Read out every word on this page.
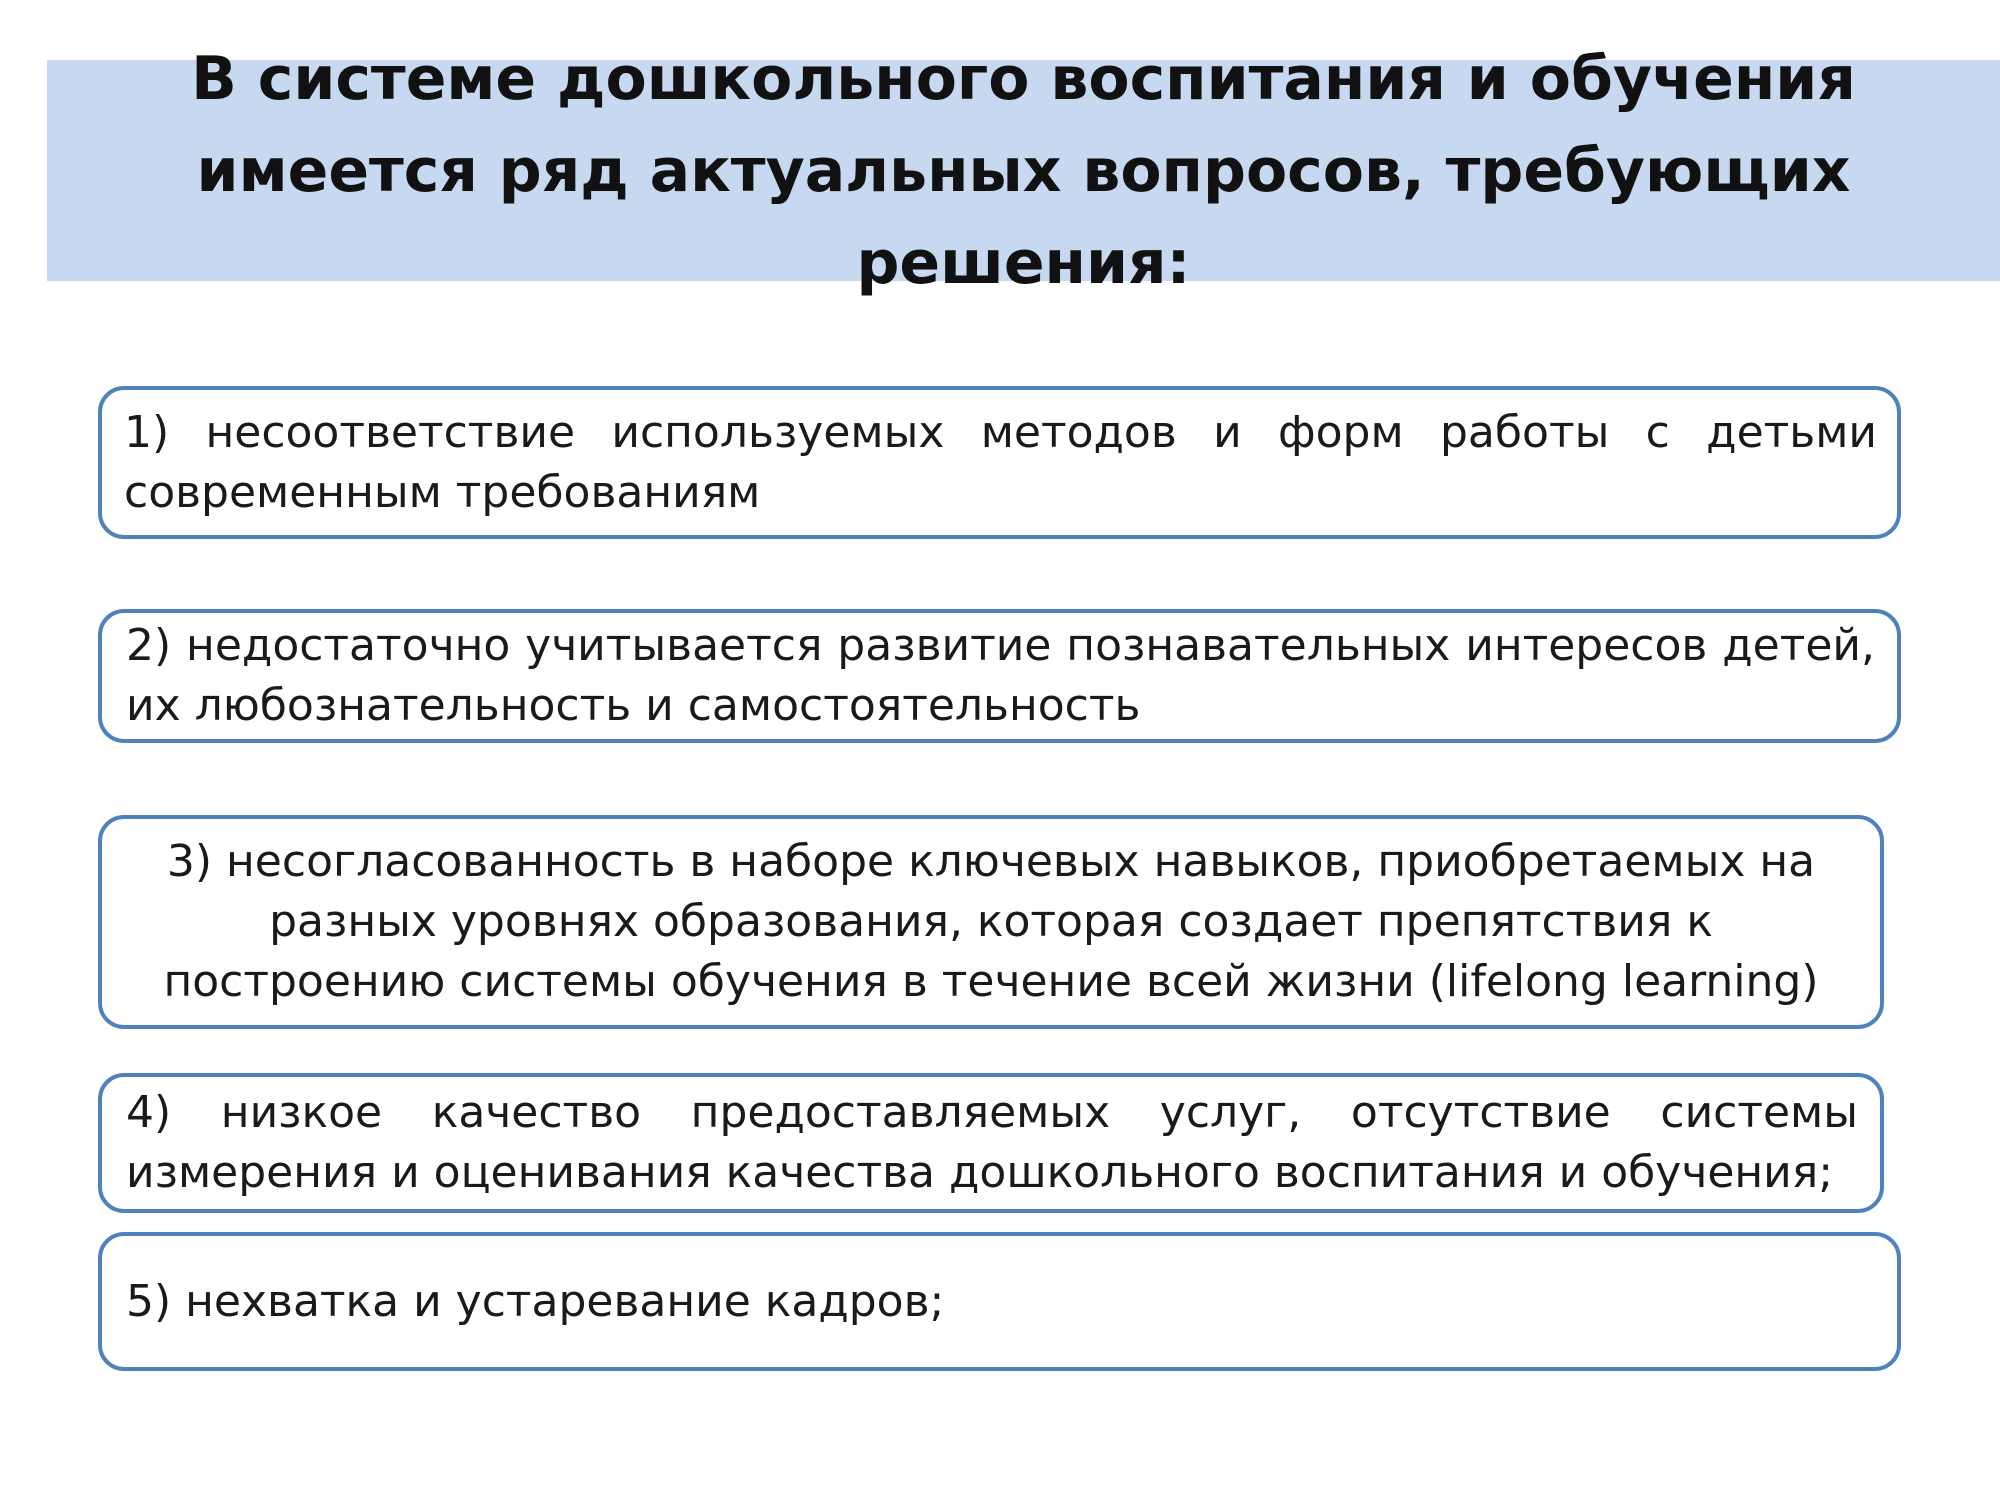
В системе дошкольного воспитания и обучения имеется ряд актуальных вопросов, требующих решения:
1) несоответствие используемых методов и форм работы с детьми современным требованиям
2) недостаточно учитывается развитие познавательных интересов детей, их любознательность и самостоятельность
3) несогласованность в наборе ключевых навыков, приобретаемых на разных уровнях образования, которая создает препятствия к построению системы обучения в течение всей жизни (lifelong learning)
4) низкое качество предоставляемых услуг, отсутствие системы измерения и оценивания качества дошкольного воспитания и обучения;
5) нехватка и устаревание кадров;
